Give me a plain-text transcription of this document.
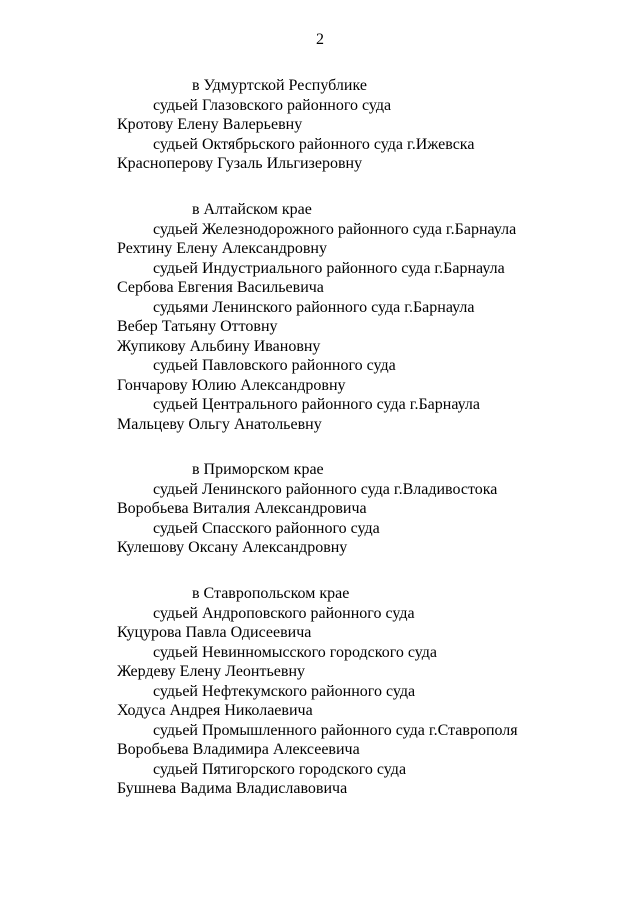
2
в Удмуртской Республике
судьей Глазовского районного суда
Кротову Елену Валерьевну
судьей Октябрьского районного суда г.Ижевска
Красноперову Гузаль Ильгизеровну
в Алтайском крае
судьей Железнодорожного районного суда г.Барнаула
Рехтину Елену Александровну
судьей Индустриального районного суда г.Барнаула
Сербова Евгения Васильевича
судьями Ленинского районного суда г.Барнаула
Вебер Татьяну Оттовну
Жупикову Альбину Ивановну
судьей Павловского районного суда
Гончарову Юлию Александровну
судьей Центрального районного суда г.Барнаула
Мальцеву Ольгу Анатольевну
в Приморском крае
судьей Ленинского районного суда г.Владивостока
Воробьева Виталия Александровича
судьей Спасского районного суда
Кулешову Оксану Александровну
в Ставропольском крае
судьей Андроповского районного суда
Куцурова Павла Одисеевича
судьей Невинномысского городского суда
Жердеву Елену Леонтьевну
судьей Нефтекумского районного суда
Ходуса Андрея Николаевича
судьей Промышленного районного суда г.Ставрополя
Воробьева Владимира Алексеевича
судьей Пятигорского городского суда
Бушнева Вадима Владиславовича
